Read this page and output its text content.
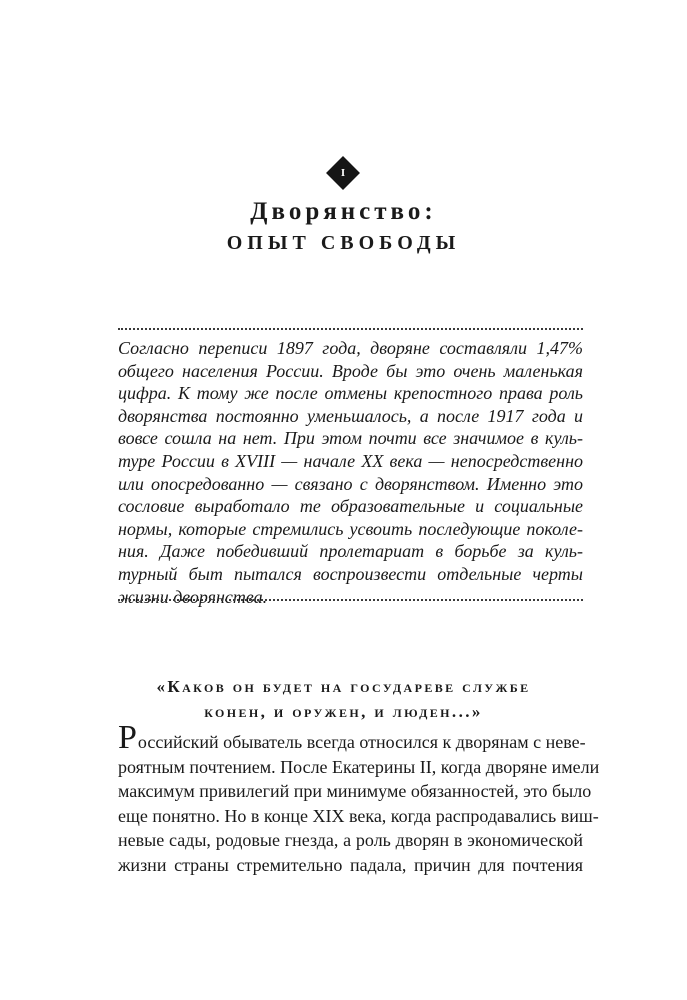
I
Дворянство:
ОПЫТ СВОБОДЫ
Согласно переписи 1897 года, дворяне составляли 1,47%
общего населения России. Вроде бы это очень маленькая
цифра. К тому же после отмены крепостного права роль
дворянства постоянно уменьшалось, а после 1917 года и
вовсе сошла на нет. При этом почти все значимое в куль-
туре России в XVIII — начале XX века — непосредственно
или опосредованно — связано с дворянством. Именно это
сословие выработало те образовательные и социальные
нормы, которые стремились усвоить последующие поколе-
ния. Даже победивший пролетариат в борьбе за куль-
турный быт пытался воспроизвести отдельные черты
жизни дворянства.
«Каков он будет на государеве службе
конен, и оружен, и люден...»
Р оссийский обыватель всегда относился к дворянам с неве-
роятным почтением. После Екатерины II, когда дворяне имели
максимум привилегий при минимуме обязанностей, это было
еще понятно. Но в конце XIX века, когда распродавались виш-
невые сады, родовые гнезда, а роль дворян в экономической
жизни страны стремительно падала, причин для почтения
